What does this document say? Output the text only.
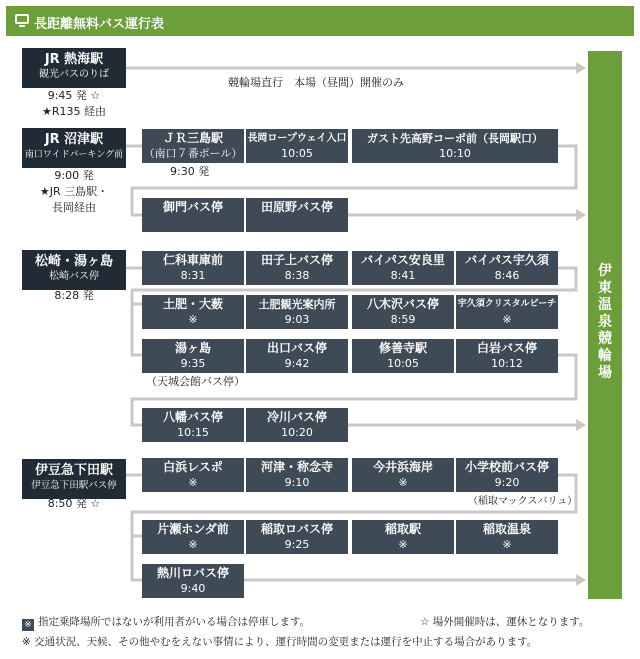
長距離無料バス運行表
伊
東
温
泉
競
輪
場
JR 熱海駅
観光バスのりば
9:45 発 ☆
★R135 経由
競輪場直行　本場（昼間）開催のみ
JR 沼津駅
南口ワイドパーキング前
9:00 発
★JR 三島駅・
長岡経由
ＪＲ三島駅
（南口７番ポール）
長岡ロープウェイ入口
10:05
ガスト先高野コーポ前（長岡駅口）
10:10
9:30 発
御門バス停	田原野バス停
松崎・湯ヶ島
松崎バス停
8:28 発
仁科車庫前
8:31
田子上バス停
8:38
バイパス安良里
8:41
バイパス宇久須
8:46
土肥・大薮
※
土肥観光案内所
9:03
八木沢バス停
8:59
宇久須クリスタルビーチ
※
湯ヶ島
9:35
出口バス停
9:42
修善寺駅
10:05
白岩バス停
10:12
（天城会館バス停）
八幡バス停
10:15
冷川バス停
10:20
伊豆急下田駅
伊豆急下田駅バス停
8:50 発 ☆
白浜レスポ
※
河津・称念寺
9:10
今井浜海岸
※
小学校前バス停
9:20
（稲取マックスバリュ）
片瀬ホンダ前
※
稲取ロバス停
9:25
稲取駅
※
稲取温泉
※
熱川ロバス停
9:40
※ 指定乗降場所ではないが利用者がいる場合は停車します。	☆ 場外開催時は、運休となります。
※ 交通状況、天候、その他やむをえない事情により、運行時間の変更または運行を中止する場合があります。
